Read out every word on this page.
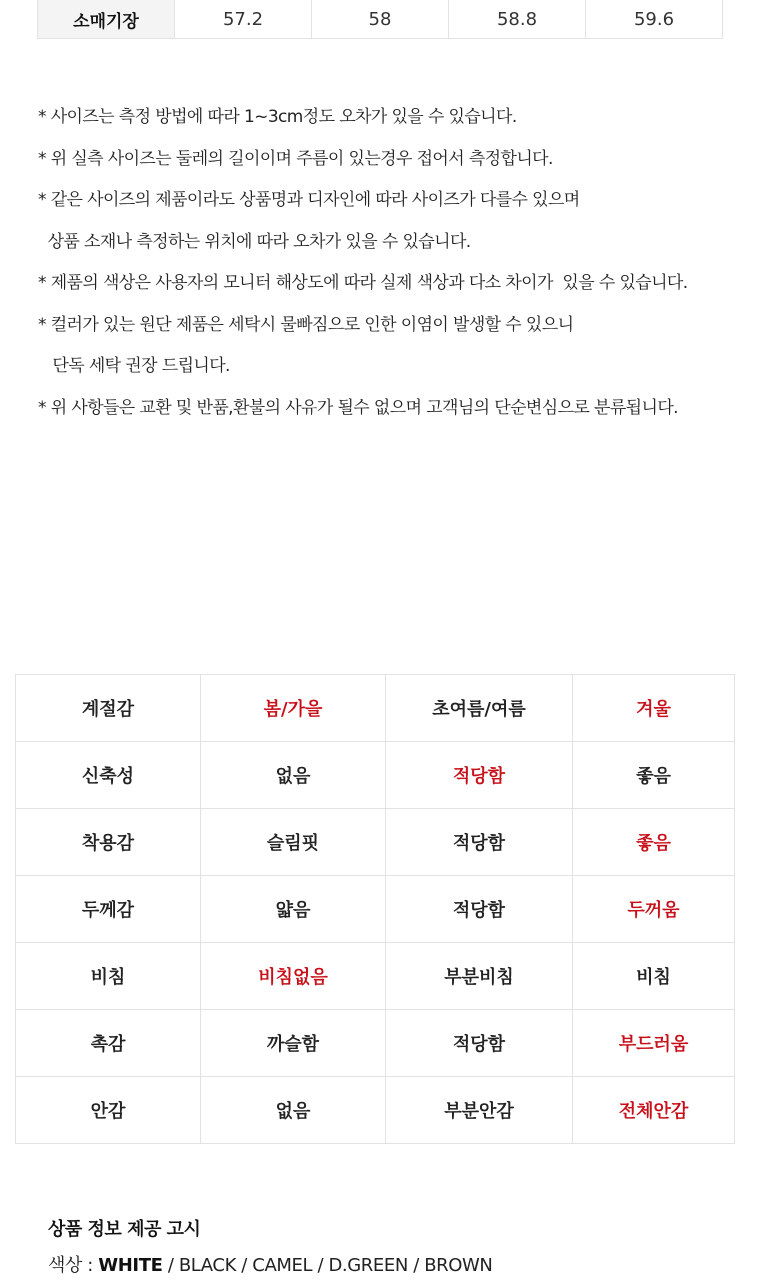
소매기장	57.2	58	58.8	59.6
* 사이즈는 측정 방법에 따라 1~3cm정도 오차가 있을 수 있습니다.
* 위 실측 사이즈는 둘레의 길이이며 주름이 있는경우 접어서 측정합니다.
* 같은 사이즈의 제품이라도 상품명과 디자인에 따라 사이즈가 다를수 있으며
상품 소재나 측정하는 위치에 따라 오차가 있을 수 있습니다.
* 제품의 색상은 사용자의 모니터 해상도에 따라 실제 색상과 다소 차이가  있을 수 있습니다.
* 컬러가 있는 원단 제품은 세탁시 물빠짐으로 인한 이염이 발생할 수 있으니
단독 세탁 권장 드립니다.
* 위 사항들은 교환 및 반품,환불의 사유가 될수 없으며 고객님의 단순변심으로 분류됩니다.
계절감	봄/가을	초여름/여름	겨울
신축성	없음	적당함	좋음
착용감	슬림핏	적당함	좋음
두께감	얇음	적당함	두꺼움
비침	비침없음	부분비침	비침
촉감	까슬함	적당함	부드러움
안감	없음	부분안감	전체안감
상품 정보 제공 고시
색상 : WHITE / BLACK / CAMEL / D.GREEN / BROWN
